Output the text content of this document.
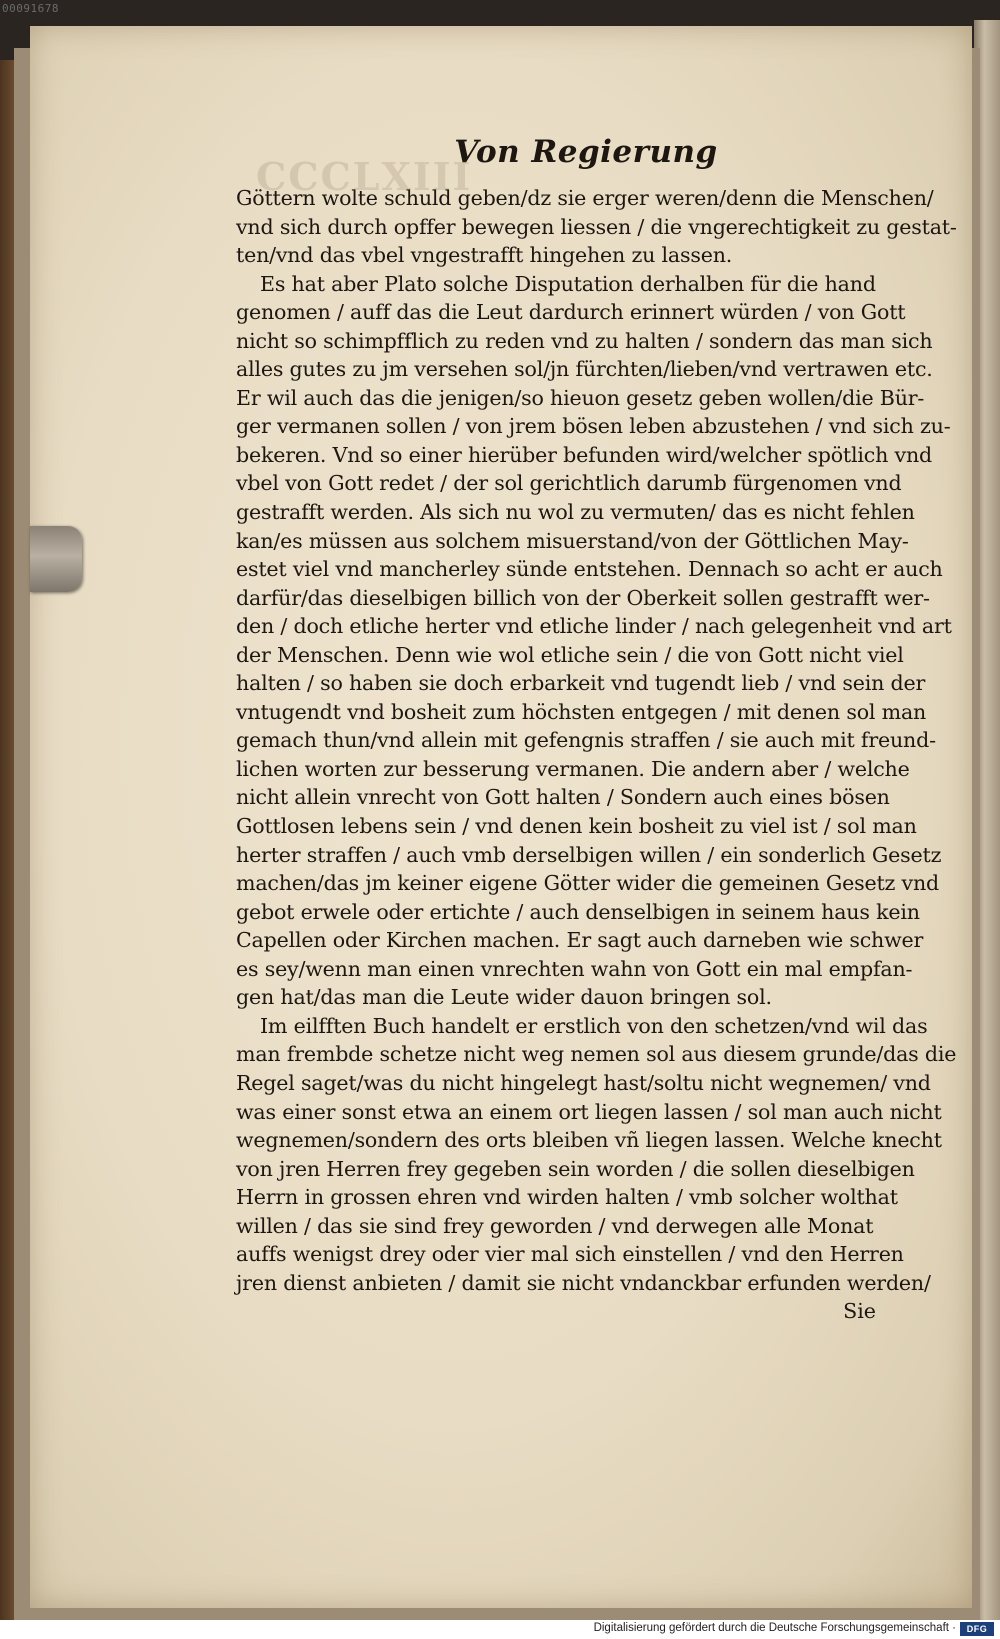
00091678
CCCLXIII
Von Regierung
Göttern wolte schuld geben/dz sie erger weren/denn die Menschen/
vnd sich durch opffer bewegen liessen / die vngerechtigkeit zu gestat-
ten/vnd das vbel vngestrafft hingehen zu lassen.
Es hat aber Plato solche Disputation derhalben für die hand
genomen / auff das die Leut dardurch erinnert würden / von Gott
nicht so schimpfflich zu reden vnd zu halten / sondern das man sich
alles gutes zu jm versehen sol/jn fürchten/lieben/vnd vertrawen etc.
Er wil auch das die jenigen/so hieuon gesetz geben wollen/die Bür-
ger vermanen sollen / von jrem bösen leben abzustehen / vnd sich zu-
bekeren. Vnd so einer hierüber befunden wird/welcher spötlich vnd
vbel von Gott redet / der sol gerichtlich darumb fürgenomen vnd
gestrafft werden. Als sich nu wol zu vermuten/ das es nicht fehlen
kan/es müssen aus solchem misuerstand/von der Göttlichen May-
estet viel vnd mancherley sünde entstehen. Dennach so acht er auch
darfür/das dieselbigen billich von der Oberkeit sollen gestrafft wer-
den / doch etliche herter vnd etliche linder / nach gelegenheit vnd art
der Menschen. Denn wie wol etliche sein / die von Gott nicht viel
halten / so haben sie doch erbarkeit vnd tugendt lieb / vnd sein der
vntugendt vnd bosheit zum höchsten entgegen / mit denen sol man
gemach thun/vnd allein mit gefengnis straffen / sie auch mit freund-
lichen worten zur besserung vermanen. Die andern aber / welche
nicht allein vnrecht von Gott halten / Sondern auch eines bösen
Gottlosen lebens sein / vnd denen kein bosheit zu viel ist / sol man
herter straffen / auch vmb derselbigen willen / ein sonderlich Gesetz
machen/das jm keiner eigene Götter wider die gemeinen Gesetz vnd
gebot erwele oder ertichte / auch denselbigen in seinem haus kein
Capellen oder Kirchen machen. Er sagt auch darneben wie schwer
es sey/wenn man einen vnrechten wahn von Gott ein mal empfan-
gen hat/das man die Leute wider dauon bringen sol.
Im eilfften Buch handelt er erstlich von den schetzen/vnd wil das
man frembde schetze nicht weg nemen sol aus diesem grunde/das die
Regel saget/was du nicht hingelegt hast/soltu nicht wegnemen/ vnd
was einer sonst etwa an einem ort liegen lassen / sol man auch nicht
wegnemen/sondern des orts bleiben vñ liegen lassen. Welche knecht
von jren Herren frey gegeben sein worden / die sollen dieselbigen
Herrn in grossen ehren vnd wirden halten / vmb solcher wolthat
willen / das sie sind frey geworden / vnd derwegen alle Monat
auffs wenigst drey oder vier mal sich einstellen / vnd den Herren
jren dienst anbieten / damit sie nicht vndanckbar erfunden werden/
Sie
Digitalisierung gefördert durch die Deutsche Forschungsgemeinschaft ·	DFG
